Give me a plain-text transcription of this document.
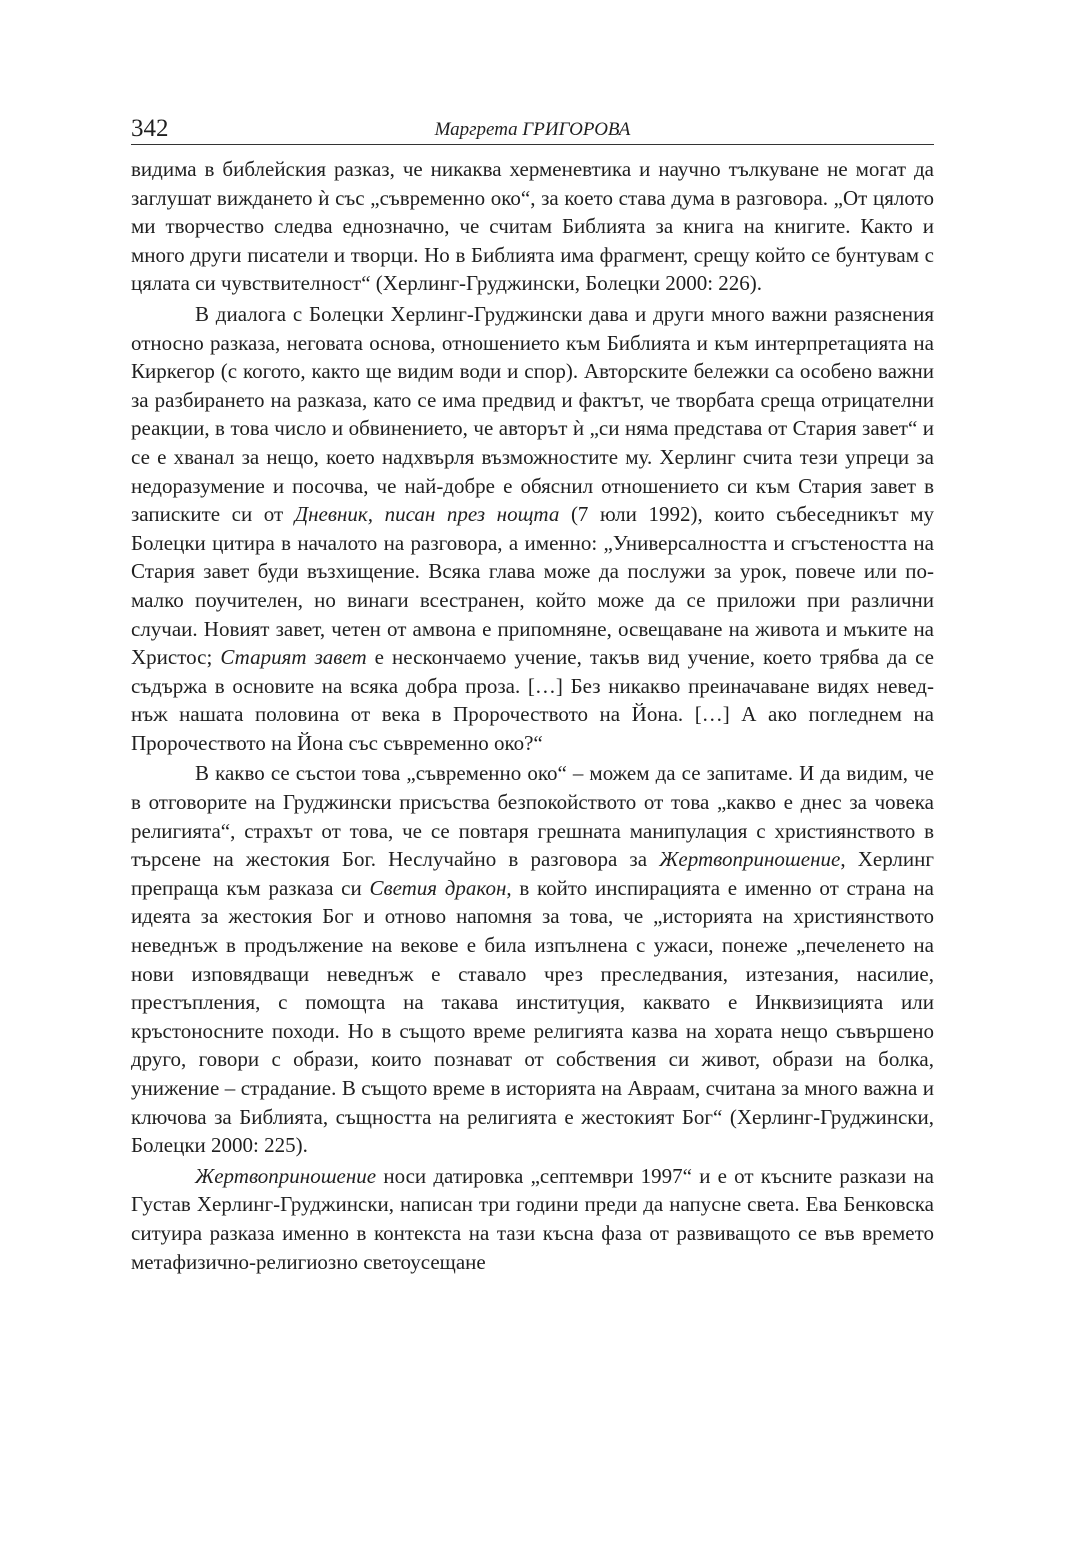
342	Маргрета ГРИГОРОВА

видима в библейския разказ, че никаква херменевтика и научно тълкуване не могат да заглушат виждането ѝ със „съвременно око“, за което става дума в разговора. „От цялото ми творчество следва еднозначно, че считам Библията за книга на книгите. Както и много други писатели и творци. Но в Библията има фрагмент, срещу който се бунтувам с цялата си чувствителност“ (Херлинг-Груджински, Болецки 2000: 226).

В диалога с Болецки Херлинг-Груджински дава и други много важни разяснения относно разказа, неговата основа, отношението към Библията и към интерпретацията на Киркегор (с когото, както ще видим води и спор). Авторските бележки са особено важни за разбирането на разказа, като се има предвид и фактът, че творбата среща отрицателни реакции, в това число и обвинението, че авторът ѝ „си няма представа от Стария завет“ и се е хванал за нещо, което надхвърля възможностите му. Херлинг счита тези упреци за недоразумение и посочва, че най-добре е обяснил отношението си към Стария завет в записките си от Дневник, писан през нощта (7 юли 1992), които събеседникът му Болецки цитира в началото на разговора, а именно: „Универсалността и сгъстеността на Стария завет буди възхищение. Всяка глава може да послужи за урок, повече или по-малко поучителен, но винаги всестранен, който може да се приложи при различни случаи. Новият завет, четен от амвона е припомняне, освещаване на живота и мъките на Христос; Старият завет е нескончаемо учение, такъв вид учение, което трябва да се съдържа в основите на всяка добра проза. […] Без никакво преиначаване видях неведнъж нашата половина от века в Пророчеството на Йона. […] А ако погледнем на Пророчеството на Йона със съвременно око?“

В какво се състои това „съвременно око“ – можем да се запитаме. И да видим, че в отговорите на Груджински присъства безпокойството от това „какво е днес за човека религията“, страхът от това, че се повтаря грешната манипулация с християнството в търсене на жестокия Бог. Неслучайно в разговора за Жертвоприношение, Херлинг препраща към разказа си Светия дракон, в който инспирацията е именно от страна на идеята за жестокия Бог и отново напомня за това, че „историята на християнството неведнъж в продължение на векове е била изпълнена с ужаси, понеже „печеленето на нови изповядващи неведнъж е ставало чрез преследвания, изтезания, насилие, престъпления, с помощта на такава институция, каквато е Инквизицията или кръстоносните походи. Но в същото време религията казва на хората нещо съвършено друго, говори с образи, които познават от собствения си живот, образи на болка, унижение – страдание. В същото време в историята на Авраам, считана за много важна и ключова за Библията, същността на религията е жестокият Бог“ (Херлинг-Груджински, Болецки 2000: 225).

Жертвоприношение носи датировка „септември 1997“ и е от късните разкази на Густав Херлинг-Груджински, написан три години преди да напусне света. Ева Бенковска ситуира разказа именно в контекста на тази късна фаза от развиващото се във времето метафизично-религиозно светоусещане
